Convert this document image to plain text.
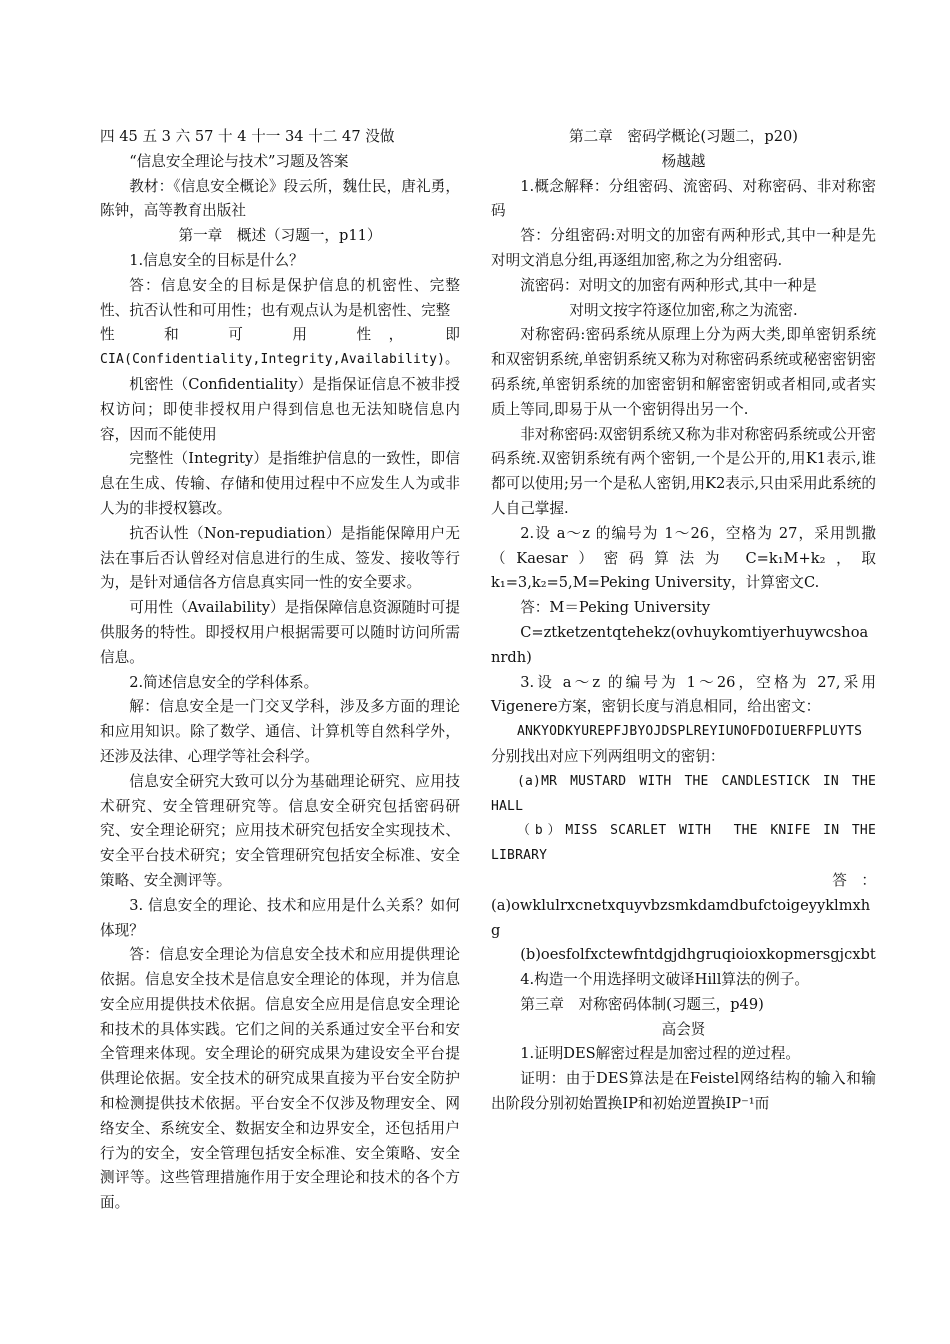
四 45 五 3 六 57 十 4 十一 34 十二 47 没做

“信息安全理论与技术”习题及答案

教材：《信息安全概论》段云所，魏仕民，唐礼勇，陈钟，高等教育出版社

第一章　概述（习题一，p11）

1.信息安全的目标是什么？

答：信息安全的目标是保护信息的机密性、完整性、抗否认性和可用性；也有观点认为是机密性、完整

性　和　可　用　性，　即

CIA(Confidentiality,Integrity,Availability)。

机密性（Confidentiality）是指保证信息不被非授权访问；即使非授权用户得到信息也无法知晓信息内容，因而不能使用

完整性（Integrity）是指维护信息的一致性，即信息在生成、传输、存储和使用过程中不应发生人为或非人为的非授权篡改。

抗否认性（Non-repudiation）是指能保障用户无法在事后否认曾经对信息进行的生成、签发、接收等行为，是针对通信各方信息真实同一性的安全要求。

可用性（Availability）是指保障信息资源随时可提供服务的特性。即授权用户根据需要可以随时访问所需信息。

2.简述信息安全的学科体系。

解：信息安全是一门交叉学科，涉及多方面的理论和应用知识。除了数学、通信、计算机等自然科学外，还涉及法律、心理学等社会科学。

信息安全研究大致可以分为基础理论研究、应用技术研究、安全管理研究等。信息安全研究包括密码研究、安全理论研究；应用技术研究包括安全实现技术、安全平台技术研究；安全管理研究包括安全标准、安全策略、安全测评等。

3. 信息安全的理论、技术和应用是什么关系？如何体现？

答：信息安全理论为信息安全技术和应用提供理论依据。信息安全技术是信息安全理论的体现，并为信息安全应用提供技术依据。信息安全应用是信息安全理论和技术的具体实践。它们之间的关系通过安全平台和安全管理来体现。安全理论的研究成果为建设安全平台提供理论依据。安全技术的研究成果直接为平台安全防护和检测提供技术依据。平台安全不仅涉及物理安全、网络安全、系统安全、数据安全和边界安全，还包括用户行为的安全，安全管理包括安全标准、安全策略、安全测评等。这些管理措施作用于安全理论和技术的各个方面。

第二章　密码学概论(习题二，p20)

杨越越

1.概念解释：分组密码、流密码、对称密码、非对称密码

答：分组密码:对明文的加密有两种形式,其中一种是先对明文消息分组,再逐组加密,称之为分组密码.

流密码：对明文的加密有两种形式,其中一种是

对明文按字符逐位加密,称之为流密.

对称密码:密码系统从原理上分为两大类,即单密钥系统和双密钥系统,单密钥系统又称为对称密码系统或秘密密钥密码系统,单密钥系统的加密密钥和解密密钥或者相同,或者实质上等同,即易于从一个密钥得出另一个.

非对称密码:双密钥系统又称为非对称密码系统或公开密码系统.双密钥系统有两个密钥,一个是公开的,用K1表示,谁都可以使用;另一个是私人密钥,用K2表示,只由采用此系统的人自己掌握.

2.设 a～z 的编号为 1～26，空格为 27，采用凯撒（Kaesar）密码算法为 C=k₁M+k₂，取 k₁=3,k₂=5,M=Peking University，计算密文C.

答：M＝Peking University

C=ztketzentqtehekz(ovhuykomtiyerhuywcshoanrdh)

3.设 a～z 的编号为 1～26，空格为 27,采用Vigenere方案，密钥长度与消息相同，给出密文：

ANKYODKYUREPFJBYOJDSPLREYIUNOFDOIUERFPLUYTS

分别找出对应下列两组明文的密钥：

(a)MR MUSTARD WITH THE CANDLESTICK IN THE HALL

（b）MISS SCARLET WITH　THE KNIFE IN THE LIBRARY

答　：

(a)owklulrxcnetxquyvbzsmkdamdbufctoigeyyklmxhg

(b)oesfolfxctewfntdgjdhgruqioioxkopmersgjcxbt

4.构造一个用选择明文破译Hill算法的例子。

第三章　对称密码体制(习题三，p49)

高会贤

1.证明DES解密过程是加密过程的逆过程。

证明：由于DES算法是在Feistel网络结构的输入和输出阶段分别初始置换IP和初始逆置换IP⁻¹而
